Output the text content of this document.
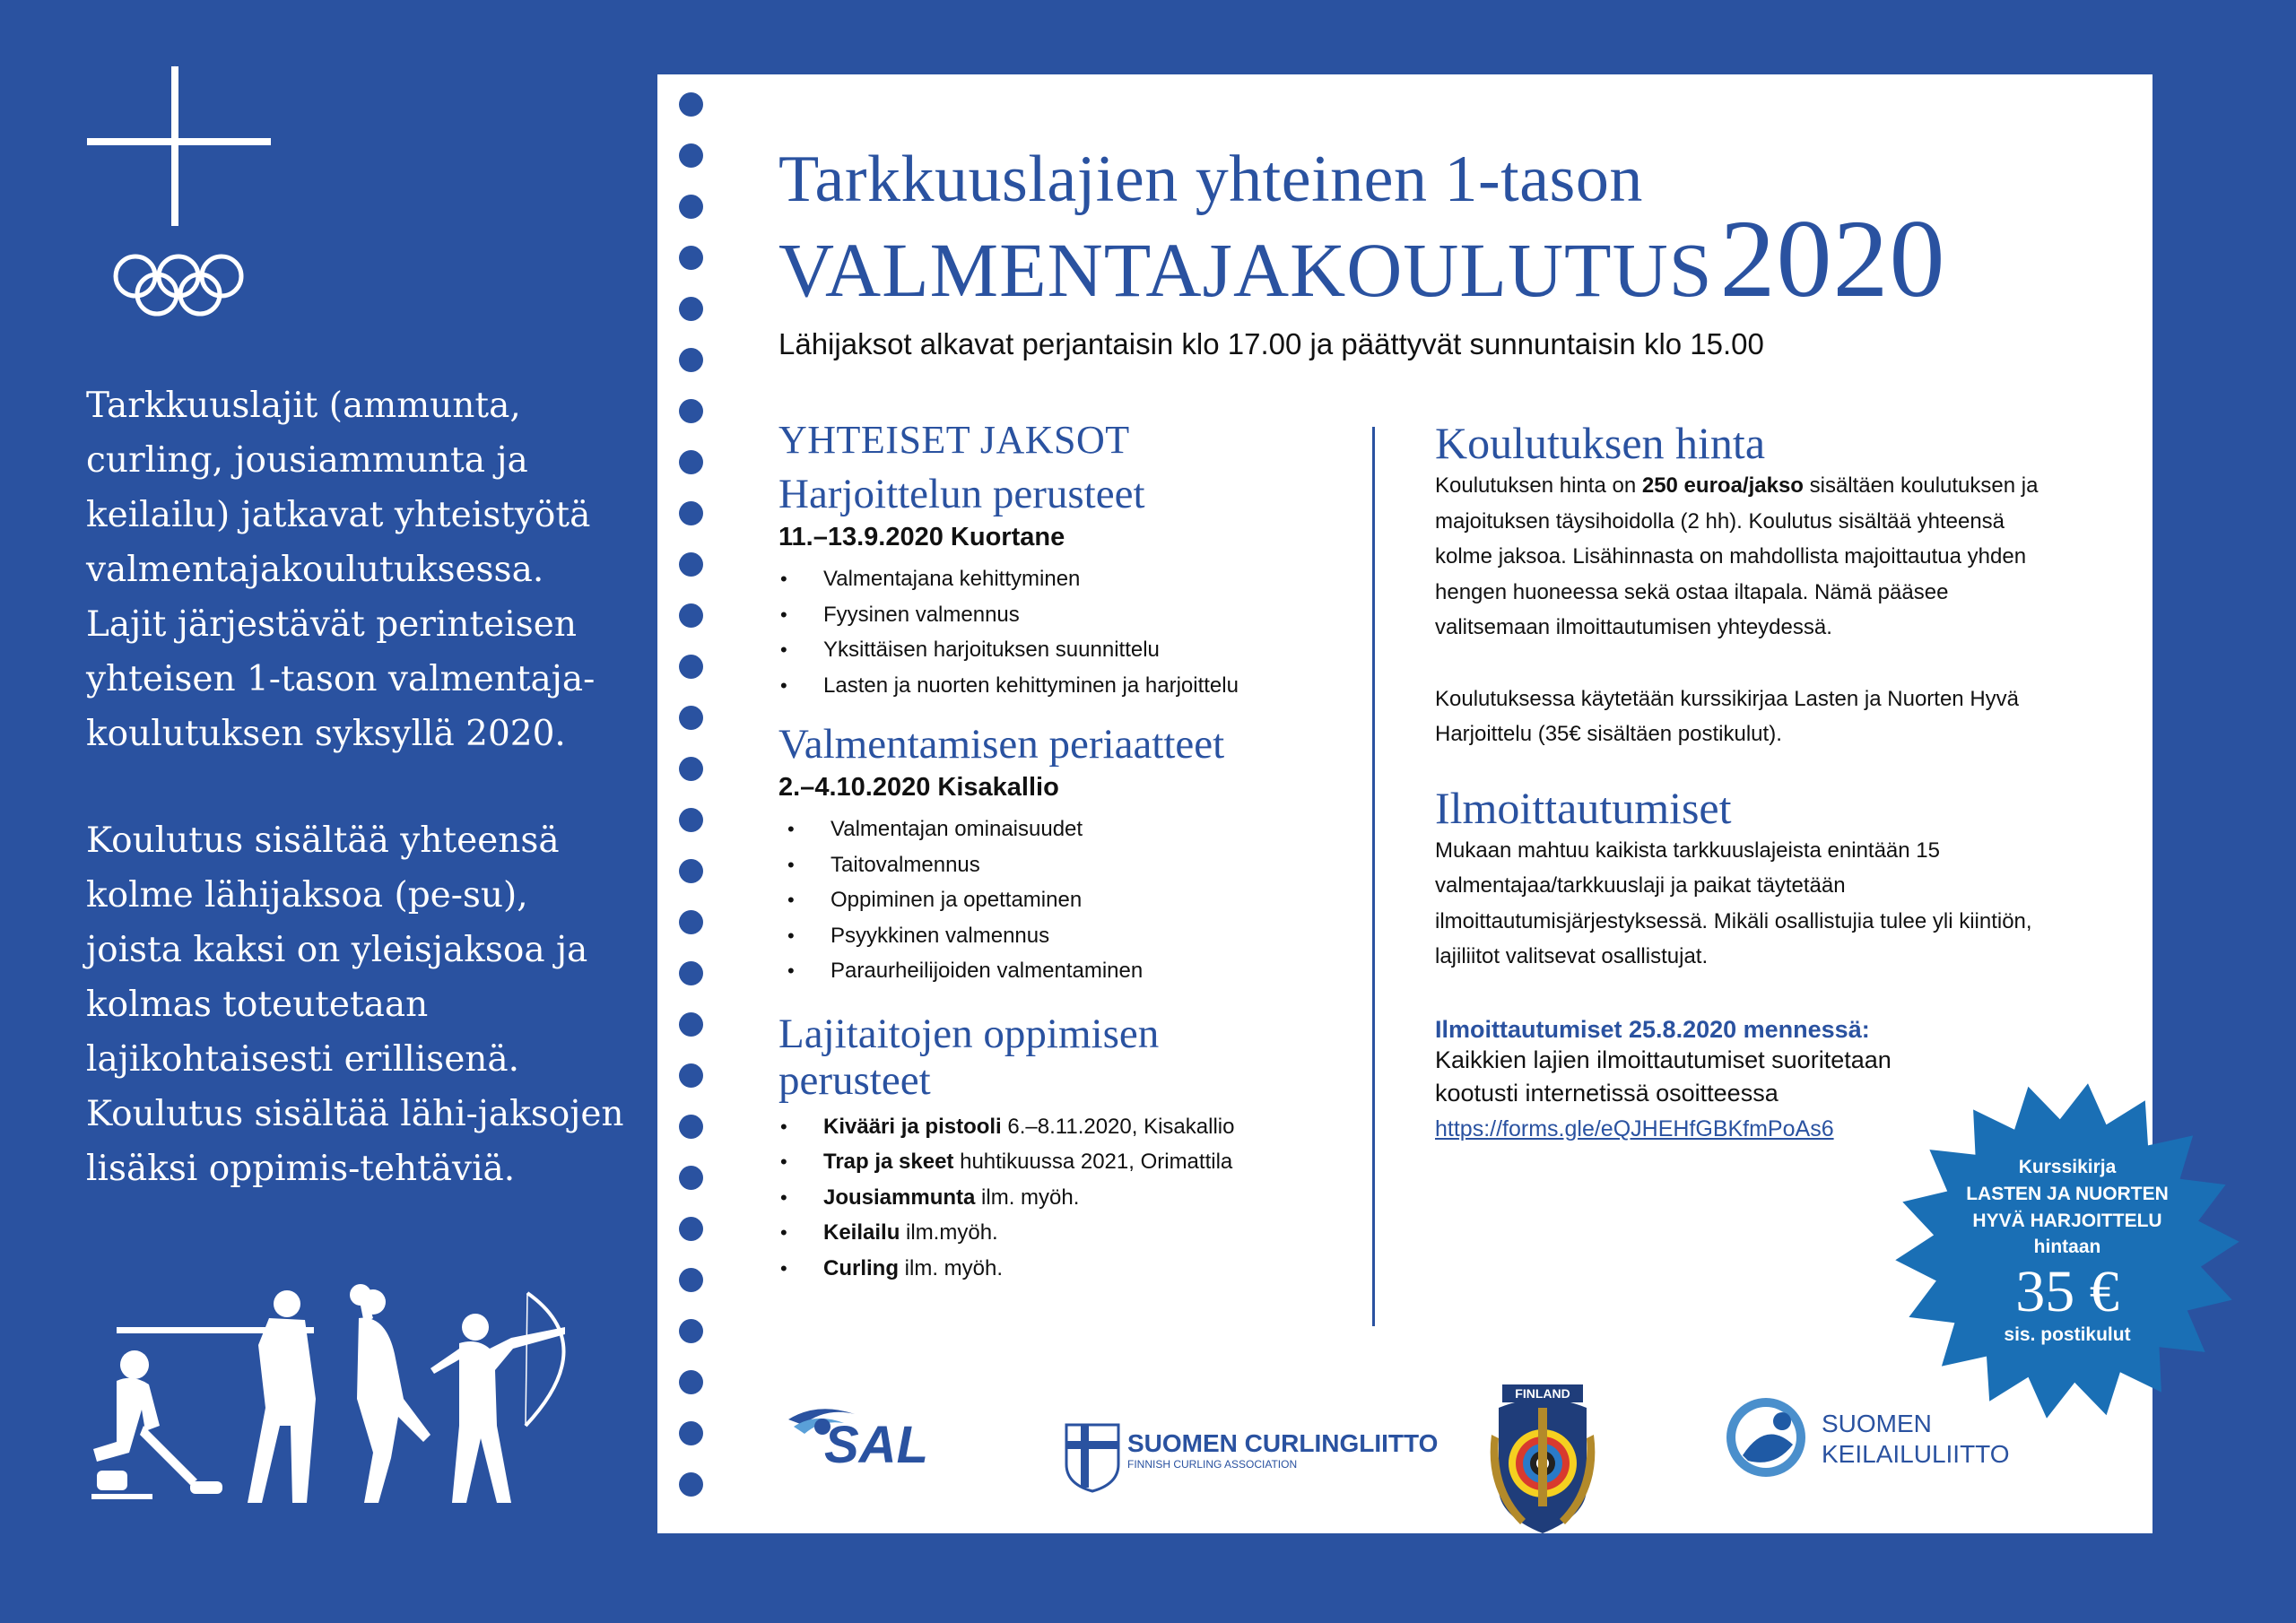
Tarkkuuslajit (ammunta, curling, jousiammunta ja keilailu) jatkavat yhteistyötä valmentajakoulutuksessa. Lajit järjestävät perinteisen yhteisen 1-tason valmentaja-koulutuksen syksyllä 2020.

Koulutus sisältää yhteensä kolme lähijaksoa (pe-su), joista kaksi on yleisjaksoa ja kolmas toteutetaan lajikohtaisesti erillisenä. Koulutus sisältää lähi-jaksojen lisäksi oppimis-tehtäviä.

Tarkkuuslajien yhteinen 1-tason
VALMENTAJAKOULUTUS2020
Lähijaksot alkavat perjantaisin klo 17.00 ja päättyvät sunnuntaisin klo 15.00
YHTEISET JAKSOT
Harjoittelun perusteet
11.–13.9.2020 Kuortane
• Valmentajana kehittyminen
• Fyysinen valmennus
• Yksittäisen harjoituksen suunnittelu
• Lasten ja nuorten kehittyminen ja harjoittelu
Valmentamisen periaatteet
2.–4.10.2020 Kisakallio
• Valmentajan ominaisuudet
• Taitovalmennus
• Oppiminen ja opettaminen
• Psyykkinen valmennus
• Paraurheilijoiden valmentaminen
Lajitaitojen oppimisen
perusteet
• Kivääri ja pistooli 6.–8.11.2020, Kisakallio
• Trap ja skeet huhtikuussa 2021, Orimattila
• Jousiammunta ilm. myöh.
• Keilailu ilm.myöh.
• Curling ilm. myöh.
Koulutuksen hinta
Koulutuksen hinta on 250 euroa/jakso sisältäen koulutuksen ja majoituksen täysihoidolla (2 hh). Koulutus sisältää yhteensä kolme jaksoa. Lisähinnasta on mahdollista majoittautua yhden hengen huoneessa sekä ostaa iltapala. Nämä pääsee valitsemaan ilmoittautumisen yhteydessä.
Koulutuksessa käytetään kurssikirjaa Lasten ja Nuorten Hyvä Harjoittelu (35€ sisältäen postikulut).
Ilmoittautumiset
Mukaan mahtuu kaikista tarkkuuslajeista enintään 15 valmentajaa/tarkkuuslaji ja paikat täytetään ilmoittautumisjärjestyksessä. Mikäli osallistujia tulee yli kiintiön, lajiliitot valitsevat osallistujat.
Ilmoittautumiset 25.8.2020 mennessä:
Kaikkien lajien ilmoittautumiset suoritetaan kootusti internetissä osoitteessa
https://forms.gle/eQJHEHfGBKfmPoAs6
SAL	SUOMEN CURLINGLIITTO
FINNISH CURLING ASSOCIATION
FINLAND
SUOMEN
KEILAILULIITTO
Kurssikirja
LASTEN JA NUORTEN
HYVÄ HARJOITTELU
hintaan
35 €
sis. postikulut
